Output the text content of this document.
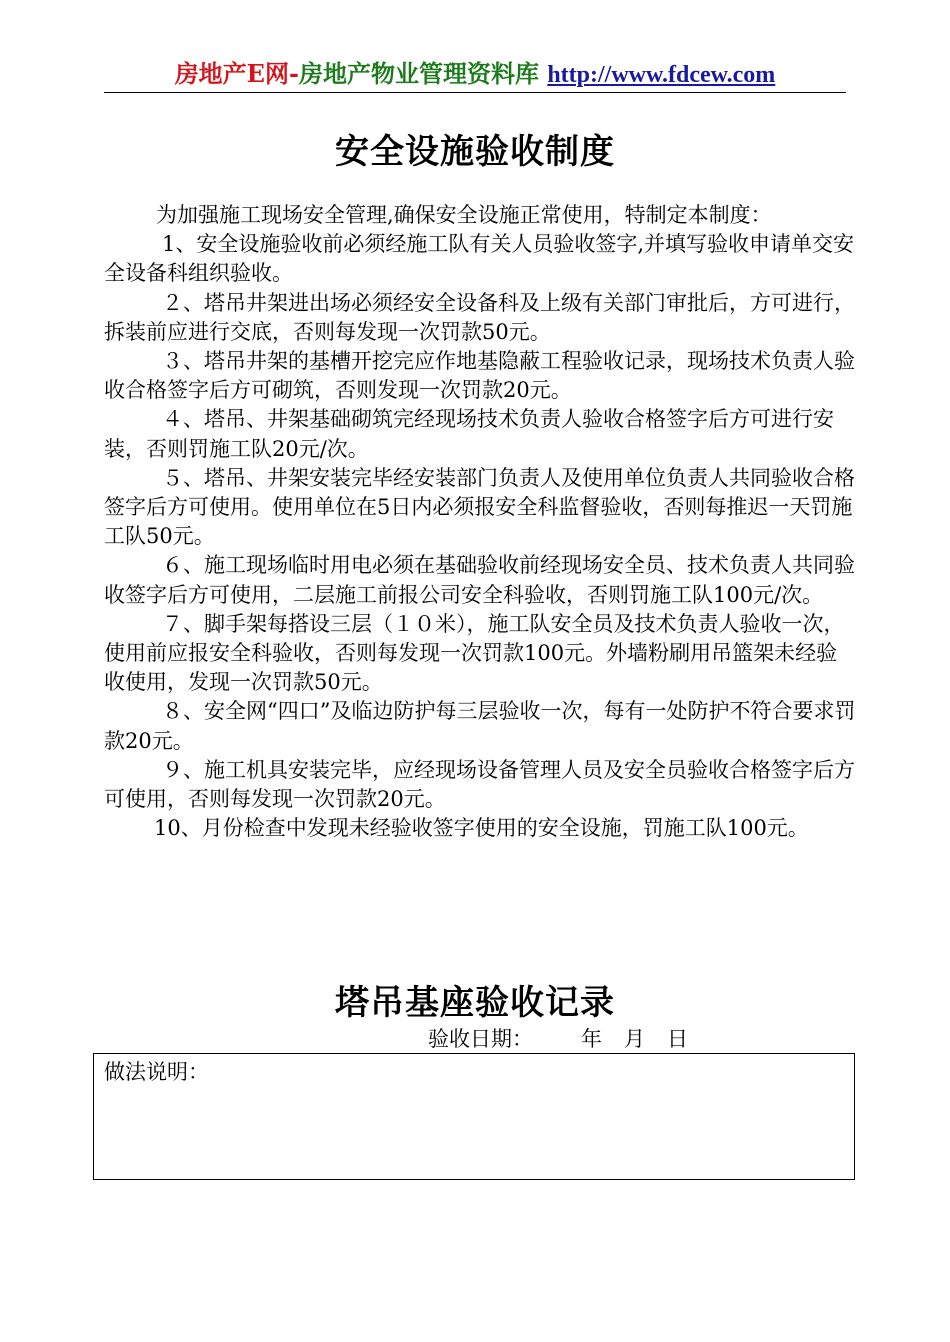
房地产E网-房地产物业管理资料库 http://www.fdcew.com
安全设施验收制度

为加强施工现场安全管理,确保安全设施正常使用，特制定本制度：

1、安全设施验收前必须经施工队有关人员验收签字,并填写验收申请单交安全设备科组织验收。

２、塔吊井架进出场必须经安全设备科及上级有关部门审批后，方可进行，拆装前应进行交底，否则每发现一次罚款50元。

３、塔吊井架的基槽开挖完应作地基隐蔽工程验收记录，现场技术负责人验收合格签字后方可砌筑，否则发现一次罚款20元。

４、塔吊、井架基础砌筑完经现场技术负责人验收合格签字后方可进行安装，否则罚施工队20元/次。

５、塔吊、井架安装完毕经安装部门负责人及使用单位负责人共同验收合格签字后方可使用。使用单位在5日内必须报安全科监督验收，否则每推迟一天罚施工队50元。

６、施工现场临时用电必须在基础验收前经现场安全员、技术负责人共同验收签字后方可使用，二层施工前报公司安全科验收，否则罚施工队100元/次。

７、脚手架每搭设三层（１０米），施工队安全员及技术负责人验收一次，使用前应报安全科验收，否则每发现一次罚款100元。外墙粉刷用吊篮架未经验收使用，发现一次罚款50元。

８、安全网“四口”及临边防护每三层验收一次，每有一处防护不符合要求罚款20元。

９、施工机具安装完毕，应经现场设备管理人员及安全员验收合格签字后方可使用，否则每发现一次罚款20元。

10、月份检查中发现未经验收签字使用的安全设施，罚施工队100元。

塔吊基座验收记录
验收日期： 年 月 日
做法说明：
